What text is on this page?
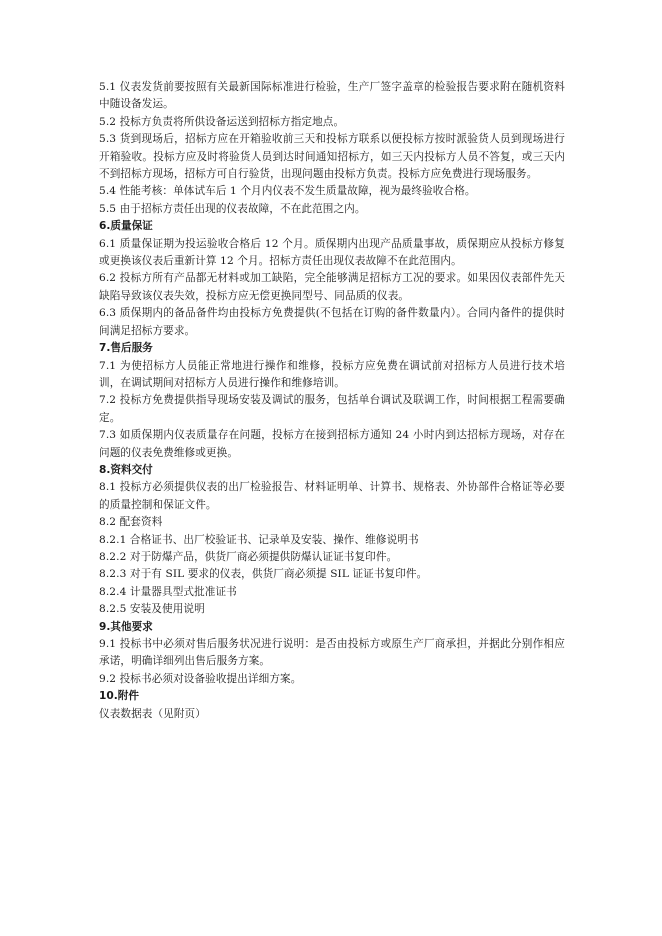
5.1 仪表发货前要按照有关最新国际标准进行检验，生产厂签字盖章的检验报告要求附在随机资料中随设备发运。

5.2 投标方负责将所供设备运送到招标方指定地点。

5.3 货到现场后，招标方应在开箱验收前三天和投标方联系以便投标方按时派验货人员到现场进行开箱验收。投标方应及时将验货人员到达时间通知招标方，如三天内投标方人员不答复，或三天内不到招标方现场，招标方可自行验货，出现问题由投标方负责。投标方应免费进行现场服务。

5.4 性能考核：单体试车后 1 个月内仪表不发生质量故障，视为最终验收合格。

5.5 由于招标方责任出现的仪表故障，不在此范围之内。

6.质量保证

6.1 质量保证期为投运验收合格后 12 个月。质保期内出现产品质量事故，质保期应从投标方修复或更换该仪表后重新计算 12 个月。招标方责任出现仪表故障不在此范围内。

6.2 投标方所有产品都无材料或加工缺陷，完全能够满足招标方工况的要求。如果因仪表部件先天缺陷导致该仪表失效，投标方应无偿更换同型号、同品质的仪表。

6.3 质保期内的备品备件均由投标方免费提供(不包括在订购的备件数量内）。合同内备件的提供时间满足招标方要求。

7.售后服务

7.1 为使招标方人员能正常地进行操作和维修，投标方应免费在调试前对招标方人员进行技术培训，在调试期间对招标方人员进行操作和维修培训。

7.2 投标方免费提供指导现场安装及调试的服务，包括单台调试及联调工作，时间根据工程需要确定。

7.3 如质保期内仪表质量存在问题，投标方在接到招标方通知 24 小时内到达招标方现场，对存在问题的仪表免费维修或更换。

8.资料交付

8.1 投标方必须提供仪表的出厂检验报告、材料证明单、计算书、规格表、外协部件合格证等必要的质量控制和保证文件。

8.2 配套资料

8.2.1 合格证书、出厂校验证书、记录单及安装、操作、维修说明书

8.2.2 对于防爆产品，供货厂商必须提供防爆认证证书复印件。

8.2.3 对于有 SIL 要求的仪表，供货厂商必须提 SIL 证证书复印件。

8.2.4 计量器具型式批准证书

8.2.5 安装及使用说明

9.其他要求

9.1 投标书中必须对售后服务状况进行说明：是否由投标方或原生产厂商承担，并据此分别作相应承诺，明确详细列出售后服务方案。

9.2 投标书必须对设备验收提出详细方案。

10.附件

仪表数据表（见附页）
